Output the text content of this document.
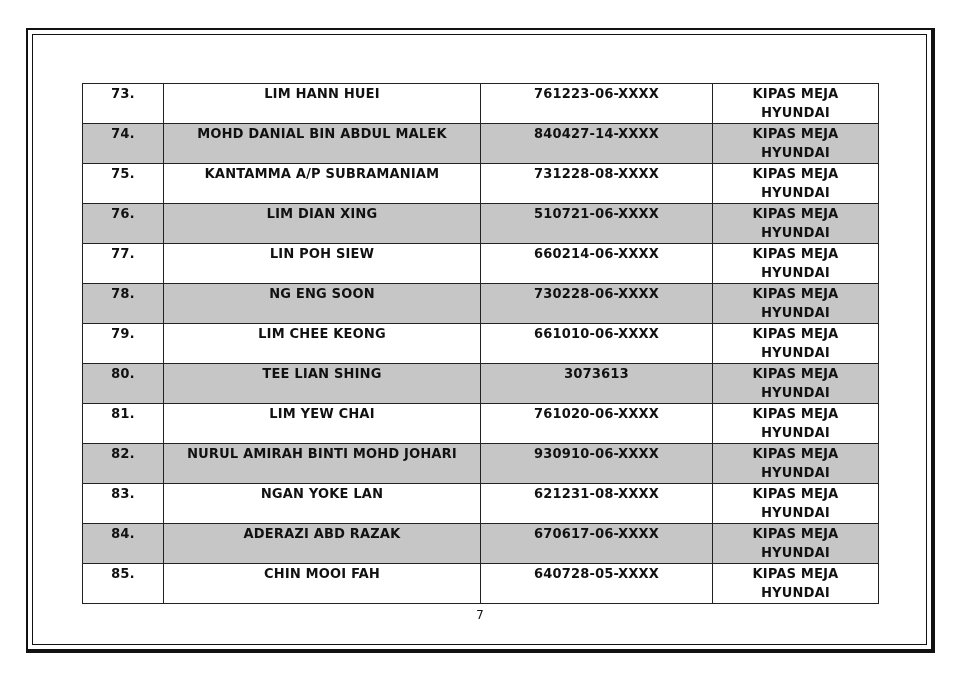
73.	LIM HANN HUEI	761223-06-XXXX	KIPAS MEJA
HYUNDAI

74.	MOHD DANIAL BIN ABDUL MALEK	840427-14-XXXX	KIPAS MEJA
HYUNDAI

75.	KANTAMMA A/P SUBRAMANIAM	731228-08-XXXX	KIPAS MEJA
HYUNDAI

76.	LIM DIAN XING	510721-06-XXXX	KIPAS MEJA
HYUNDAI

77.	LIN POH SIEW	660214-06-XXXX	KIPAS MEJA
HYUNDAI

78.	NG ENG SOON	730228-06-XXXX	KIPAS MEJA
HYUNDAI

79.	LIM CHEE KEONG	661010-06-XXXX	KIPAS MEJA
HYUNDAI

80.	TEE LIAN SHING	3073613	KIPAS MEJA
HYUNDAI

81.	LIM YEW CHAI	761020-06-XXXX	KIPAS MEJA
HYUNDAI

82.	NURUL AMIRAH BINTI MOHD JOHARI	930910-06-XXXX	KIPAS MEJA
HYUNDAI

83.	NGAN YOKE LAN	621231-08-XXXX	KIPAS MEJA
HYUNDAI

84.	ADERAZI ABD RAZAK	670617-06-XXXX	KIPAS MEJA
HYUNDAI

85.	CHIN MOOI FAH	640728-05-XXXX	KIPAS MEJA
HYUNDAI
7
